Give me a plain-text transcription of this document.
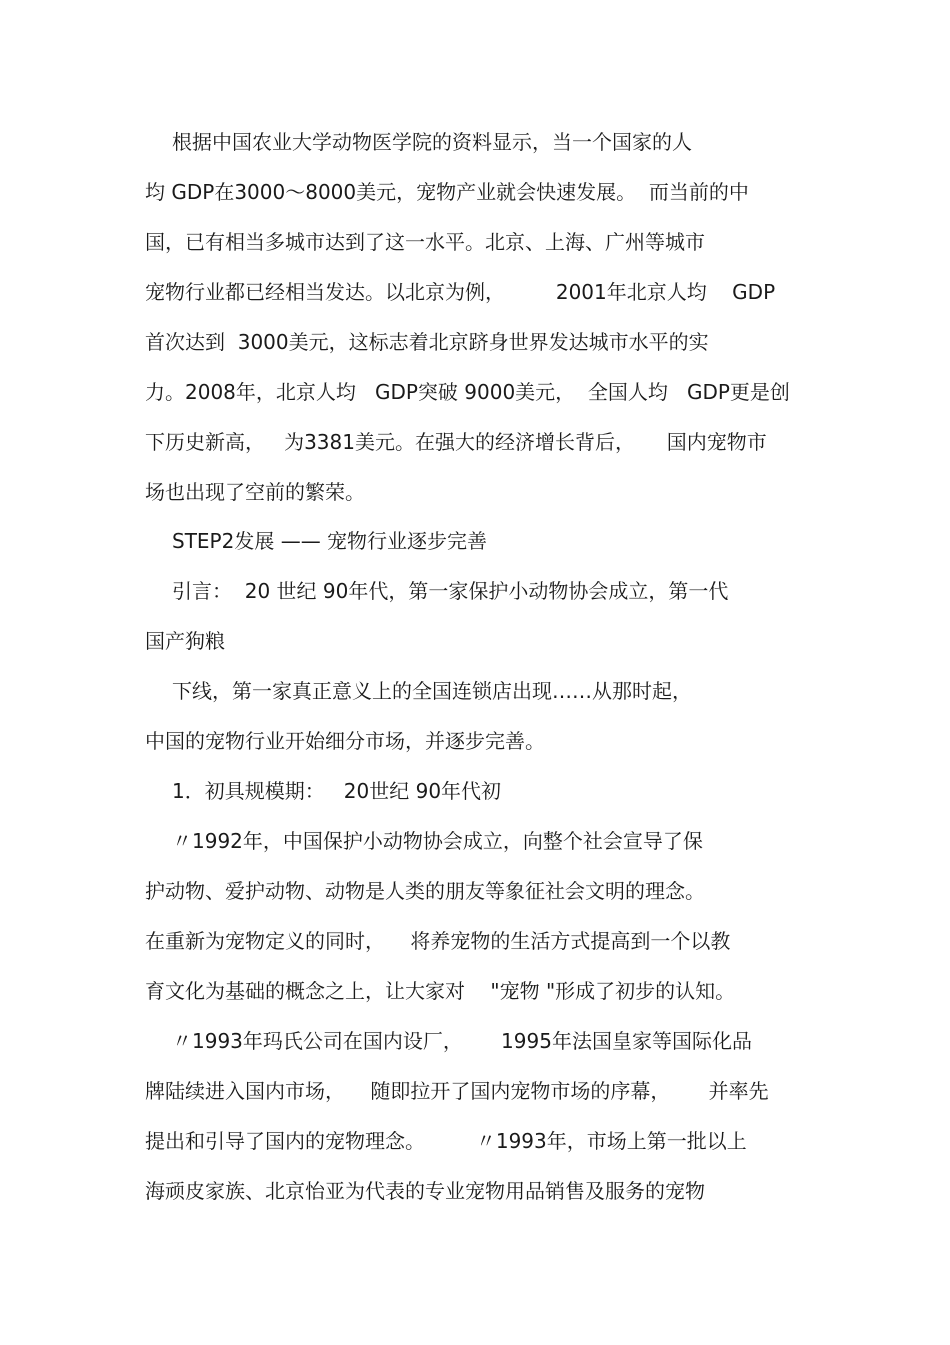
根据中国农业大学动物医学院的资料显示，当一个国家的人
均 GDP在3000～8000美元，宠物产业就会快速发展。  而当前的中
国，已有相当多城市达到了这一水平。北京、上海、广州等城市
宠物行业都已经相当发达。以北京为例，        2001年北京人均    GDP
首次达到  3000美元，这标志着北京跻身世界发达城市水平的实
力。2008年，北京人均   GDP突破 9000美元，  全国人均   GDP更是创
下历史新高，   为3381美元。在强大的经济增长背后，     国内宠物市
场也出现了空前的繁荣。
STEP2发展 —— 宠物行业逐步完善
引言：  20 世纪 90年代，第一家保护小动物协会成立，第一代
国产狗粮
下线，第一家真正意义上的全国连锁店出现……从那时起，
中国的宠物行业开始细分市场，并逐步完善。
1．初具规模期：   20世纪 90年代初
〃1992年，中国保护小动物协会成立，向整个社会宣导了保
护动物、爱护动物、动物是人类的朋友等象征社会文明的理念。
在重新为宠物定义的同时，    将养宠物的生活方式提高到一个以教
育文化为基础的概念之上，让大家对    "宠物 "形成了初步的认知。
〃1993年玛氏公司在国内设厂，      1995年法国皇家等国际化品
牌陆续进入国内市场，    随即拉开了国内宠物市场的序幕，      并率先
提出和引导了国内的宠物理念。        〃1993年，市场上第一批以上
海顽皮家族、北京怡亚为代表的专业宠物用品销售及服务的宠物
